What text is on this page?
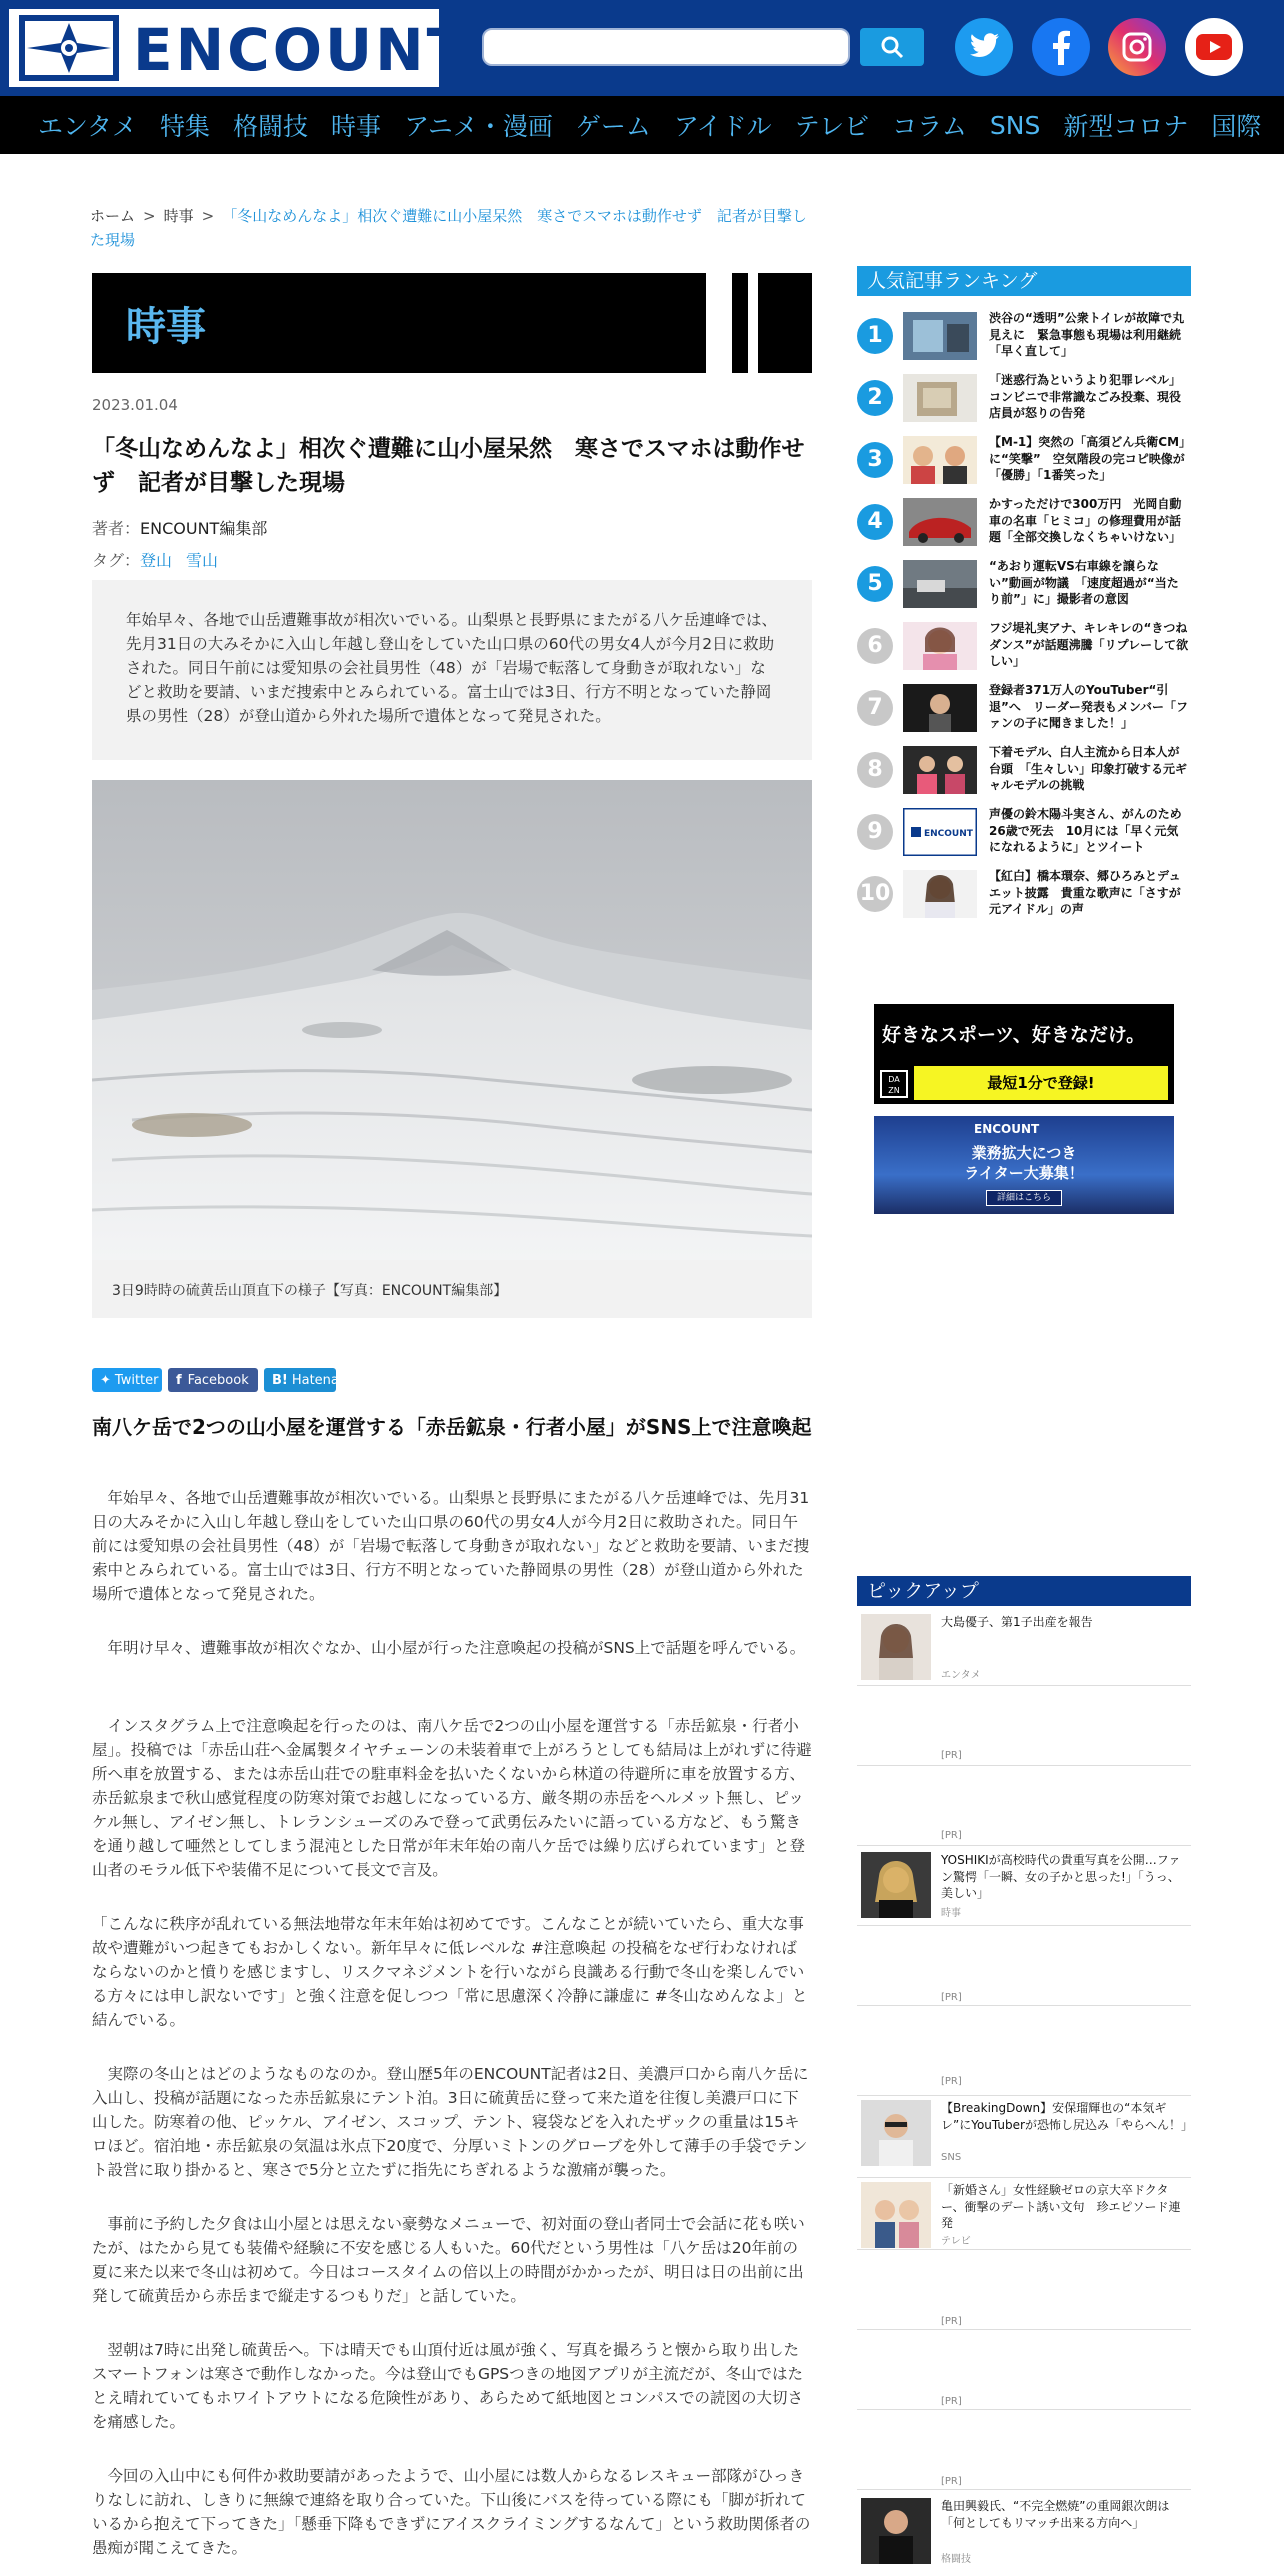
ENCOUNT
エンタメ 特集 格闘技 時事 アニメ・漫画 ゲーム アイドル テレビ コラム SNS 新型コロナ 国際
ホーム > 時事 > 「冬山なめんなよ」相次ぐ遭難に山小屋呆然　寒さでスマホは動作せず　記者が目撃した現場
時事
2023.01.04
「冬山なめんなよ」相次ぐ遭難に山小屋呆然　寒さでスマホは動作せず　記者が目撃した現場
著者：ENCOUNT編集部
タグ：登山 雪山
年始早々、各地で山岳遭難事故が相次いでいる。山梨県と長野県にまたがる八ケ岳連峰では、先月31日の大みそかに入山し年越し登山をしていた山口県の60代の男女4人が今月2日に救助された。同日午前には愛知県の会社員男性（48）が「岩場で転落して身動きが取れない」などと救助を要請、いまだ捜索中とみられている。富士山では3日、行方不明となっていた静岡県の男性（28）が登山道から外れた場所で遺体となって発見された。
3日9時時の硫黄岳山頂直下の様子【写真：ENCOUNT編集部】
✦ Twitter f Facebook B! Hatena
南八ケ岳で2つの山小屋を運営する「赤岳鉱泉・行者小屋」がSNS上で注意喚起

　年始早々、各地で山岳遭難事故が相次いでいる。山梨県と長野県にまたがる八ケ岳連峰では、先月31日の大みそかに入山し年越し登山をしていた山口県の60代の男女4人が今月2日に救助された。同日午前には愛知県の会社員男性（48）が「岩場で転落して身動きが取れない」などと救助を要請、いまだ捜索中とみられている。富士山では3日、行方不明となっていた静岡県の男性（28）が登山道から外れた場所で遺体となって発見された。

　年明け早々、遭難事故が相次ぐなか、山小屋が行った注意喚起の投稿がSNS上で話題を呼んでいる。

　インスタグラム上で注意喚起を行ったのは、南八ケ岳で2つの山小屋を運営する「赤岳鉱泉・行者小屋」。投稿では「赤岳山荘へ金属製タイヤチェーンの未装着車で上がろうとしても結局は上がれずに待避所へ車を放置する、または赤岳山荘での駐車料金を払いたくないから林道の待避所に車を放置する方、赤岳鉱泉まで秋山感覚程度の防寒対策でお越しになっている方、厳冬期の赤岳をヘルメット無し、ピッケル無し、アイゼン無し、トレランシューズのみで登って武勇伝みたいに語っている方など、もう驚きを通り越して唖然としてしまう混沌とした日常が年末年始の南八ケ岳では繰り広げられています」と登山者のモラル低下や装備不足について長文で言及。

「こんなに秩序が乱れている無法地帯な年末年始は初めてです。こんなことが続いていたら、重大な事故や遭難がいつ起きてもおかしくない。新年早々に低レベルな #注意喚起 の投稿をなぜ行わなければならないのかと憤りを感じますし、リスクマネジメントを行いながら良識ある行動で冬山を楽しんでいる方々には申し訳ないです」と強く注意を促しつつ「常に思慮深く冷静に謙虚に #冬山なめんなよ」と結んでいる。

　実際の冬山とはどのようなものなのか。登山歴5年のENCOUNT記者は2日、美濃戸口から南八ケ岳に入山し、投稿が話題になった赤岳鉱泉にテント泊。3日に硫黄岳に登って来た道を往復し美濃戸口に下山した。防寒着の他、ピッケル、アイゼン、スコップ、テント、寝袋などを入れたザックの重量は15キロほど。宿泊地・赤岳鉱泉の気温は氷点下20度で、分厚いミトンのグローブを外して薄手の手袋でテント設営に取り掛かると、寒さで5分と立たずに指先にちぎれるような激痛が襲った。

　事前に予約した夕食は山小屋とは思えない豪勢なメニューで、初対面の登山者同士で会話に花も咲いたが、はたから見ても装備や経験に不安を感じる人もいた。60代だという男性は「八ケ岳は20年前の夏に来た以来で冬山は初めて。今日はコースタイムの倍以上の時間がかかったが、明日は日の出前に出発して硫黄岳から赤岳まで縦走するつもりだ」と話していた。

　翌朝は7時に出発し硫黄岳へ。下は晴天でも山頂付近は風が強く、写真を撮ろうと懐から取り出したスマートフォンは寒さで動作しなかった。今は登山でもGPSつきの地図アプリが主流だが、冬山ではたとえ晴れていてもホワイトアウトになる危険性があり、あらためて紙地図とコンパスでの読図の大切さを痛感した。

　今回の入山中にも何件か救助要請があったようで、山小屋には数人からなるレスキュー部隊がひっきりなしに訪れ、しきりに無線で連絡を取り合っていた。下山後にバスを待っている際にも「脚が折れているから抱えて下ってきた」「懸垂下降もできずにアイスクライミングするなんて」という救助関係者の愚痴が聞こえてきた。

人気記事ランキング
1
渋谷の“透明”公衆トイレが故障で丸見えに　緊急事態も現場は利用継続「早く直して」
2
「迷惑行為というより犯罪レベル」コンビニで非常識なごみ投棄、現役店員が怒りの告発
3
【M-1】突然の「高須どん兵衛CM」に“笑撃”　空気階段の完コピ映像が「優勝」「1番笑った」
4
かすっただけで300万円　光岡自動車の名車「ヒミコ」の修理費用が話題「全部交換しなくちゃいけない」
5
“あおり運転VS右車線を譲らない”動画が物議　「速度超過が“当たり前”」に」撮影者の意図
6
フジ堤礼実アナ、キレキレの“きつねダンス”が話題沸騰「リプレーして欲しい」
7
登録者371万人のYouTuber“引退”へ　リーダー発表もメンバー「ファンの子に聞きました！」
8
下着モデル、白人主流から日本人が台頭　「生々しい」印象打破する元ギャルモデルの挑戦
9	ENCOUNT
声優の鈴木陽斗実さん、がんのため26歳で死去　10月には「早く元気になれるように」とツイート
10
【紅白】橋本環奈、郷ひろみとデュエット披露　貴重な歌声に「さすが元アイドル」の声
好きなスポーツ、好きなだけ。
DA ZN	最短1分で登録!
ENCOUNT
業務拡大につき
ライター大募集！
詳細はこちら
ピックアップ
大島優子、第1子出産を報告
エンタメ
[PR]
[PR]
YOSHIKIが高校時代の貴重写真を公開…ファン驚愕「一瞬、女の子かと思った!」「うっ、美しい」
時事
[PR]
[PR]
【BreakingDown】安保瑠輝也の“本気ギレ”にYouTuberが恐怖し尻込み「やらへん！」
SNS
「新婚さん」女性経験ゼロの京大卒ドクター、衝撃のデート誘い文句　珍エピソード連発
テレビ
[PR]
[PR]
[PR]
亀田興毅氏、“不完全燃焼”の重岡銀次朗は「何としてもリマッチ出来る方向へ」
格闘技
